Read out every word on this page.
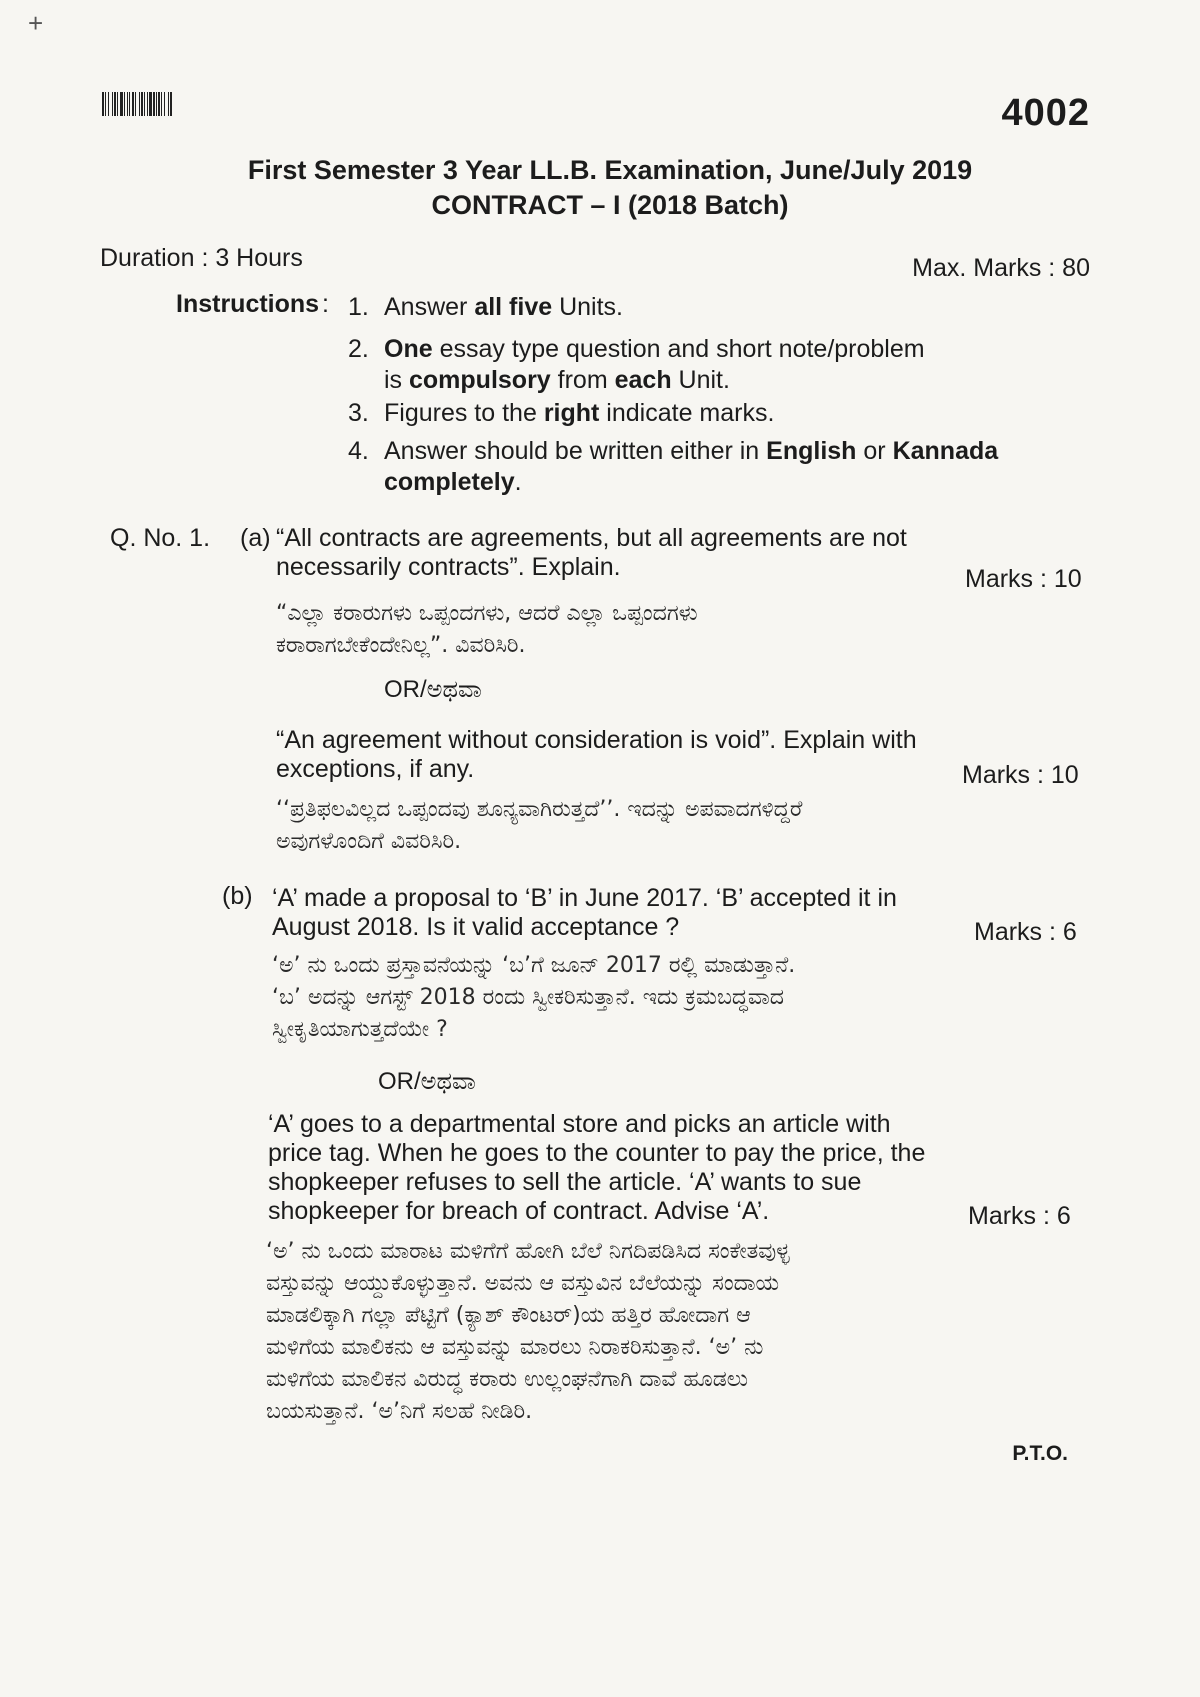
+
4002
First Semester 3 Year LL.B. Examination, June/July 2019
CONTRACT – I (2018 Batch)
Duration : 3 Hours	Max. Marks : 80
Instructions : 1. Answer all five Units.
2. One essay type question and short note/problem
is compulsory from each Unit.
3. Figures to the right indicate marks.
4. Answer should be written either in English or Kannada
completely.
Q. No. 1. (a) “All contracts are agreements, but all agreements are not
necessarily contracts”. Explain.	Marks : 10
“ಎಲ್ಲಾ ಕರಾರುಗಳು ಒಪ್ಪಂದಗಳು, ಆದರೆ ಎಲ್ಲಾ ಒಪ್ಪಂದಗಳು
ಕರಾರಾಗಬೇಕೆಂದೇನಿಲ್ಲ”. ವಿವರಿಸಿರಿ.
OR/ಅಥವಾ
“An agreement without consideration is void”. Explain with
exceptions, if any.	Marks : 10
‘‘ಪ್ರತಿಫಲವಿಲ್ಲದ ಒಪ್ಪಂದವು ಶೂನ್ಯವಾಗಿರುತ್ತದೆ’’. ಇದನ್ನು ಅಪವಾದಗಳಿದ್ದರೆ
ಅವುಗಳೊಂದಿಗೆ ವಿವರಿಸಿರಿ.
(b) ‘A’ made a proposal to ‘B’ in June 2017. ‘B’ accepted it in
August 2018. Is it valid acceptance ?	Marks : 6
‘ಅ’ ನು ಒಂದು ಪ್ರಸ್ತಾವನೆಯನ್ನು ‘ಬ’ಗೆ ಜೂನ್ 2017 ರಲ್ಲಿ ಮಾಡುತ್ತಾನೆ.
‘ಬ’ ಅದನ್ನು ಆಗಸ್ಟ್ 2018 ರಂದು ಸ್ವೀಕರಿಸುತ್ತಾನೆ. ಇದು ಕ್ರಮಬದ್ಧವಾದ
ಸ್ವೀಕೃತಿಯಾಗುತ್ತದೆಯೇ ?
OR/ಅಥವಾ
‘A’ goes to a departmental store and picks an article with
price tag. When he goes to the counter to pay the price, the
shopkeeper refuses to sell the article. ‘A’ wants to sue
shopkeeper for breach of contract. Advise ‘A’.	Marks : 6
‘ಅ’ ನು ಒಂದು ಮಾರಾಟ ಮಳಿಗೆಗೆ ಹೋಗಿ ಬೆಲೆ ನಿಗದಿಪಡಿಸಿದ ಸಂಕೇತವುಳ್ಳ
ವಸ್ತುವನ್ನು ಆಯ್ದುಕೊಳ್ಳುತ್ತಾನೆ. ಅವನು ಆ ವಸ್ತುವಿನ ಬೆಲೆಯನ್ನು ಸಂದಾಯ
ಮಾಡಲಿಕ್ಕಾಗಿ ಗಲ್ಲಾ ಪೆಟ್ಟಿಗೆ (ಕ್ಯಾಶ್ ಕೌಂಟರ್)ಯ ಹತ್ತಿರ ಹೋದಾಗ ಆ
ಮಳಿಗೆಯ ಮಾಲಿಕನು ಆ ವಸ್ತುವನ್ನು ಮಾರಲು ನಿರಾಕರಿಸುತ್ತಾನೆ. ‘ಅ’ ನು
ಮಳಿಗೆಯ ಮಾಲಿಕನ ವಿರುದ್ಧ ಕರಾರು ಉಲ್ಲಂಘನೆಗಾಗಿ ದಾವೆ ಹೂಡಲು
ಬಯಸುತ್ತಾನೆ. ‘ಅ’ನಿಗೆ ಸಲಹೆ ನೀಡಿರಿ.
P.T.O.
